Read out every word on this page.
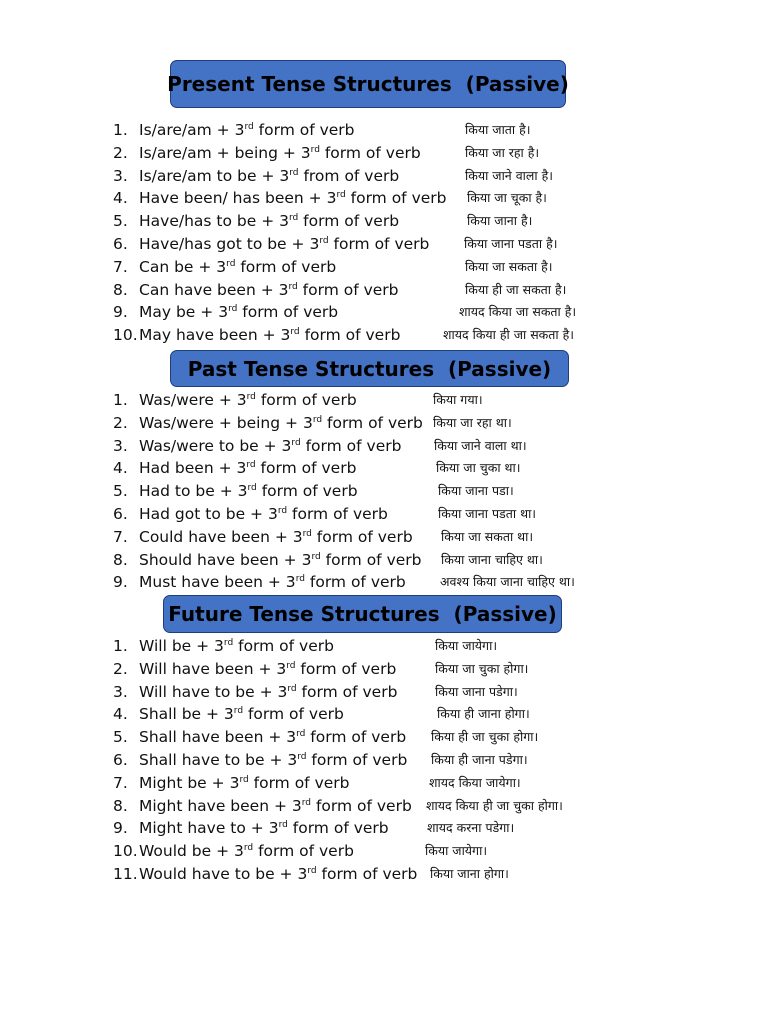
Present Tense Structures  (Passive)
1. Is/are/am + 3rd form of verb	किया जाता है।
2. Is/are/am + being + 3rd form of verb	किया जा रहा है।
3. Is/are/am to be + 3rd from of verb	किया जाने वाला है।
4. Have been/ has been + 3rd form of verb किया जा चूका है।
5. Have/has to be + 3rd form of verb	किया जाना है।
6. Have/has got to be + 3rd form of verb	किया जाना पडता है।
7. Can be + 3rd form of verb	किया जा सकता है।
8. Can have been + 3rd form of verb	किया ही जा सकता है।
9. May be + 3rd form of verb	शायद किया जा सकता है।
10. May have been + 3rd form of verb	शायद किया ही जा सकता है।
Past Tense Structures  (Passive)
1. Was/were + 3rd form of verb	किया गया।
2. Was/were + being + 3rd form of verb किया जा रहा था।
3. Was/were to be + 3rd form of verb	किया जाने वाला था।
4. Had been + 3rd form of verb	किया जा चुका था।
5. Had to be + 3rd form of verb	किया जाना पडा।
6. Had got to be + 3rd form of verb	किया जाना पडता था।
7. Could have been + 3rd form of verb किया जा सकता था।
8. Should have been + 3rd form of verb किया जाना चाहिए था।
9. Must have been + 3rd form of verb	अवश्य किया जाना चाहिए था।
Future Tense Structures  (Passive)
1. Will be + 3rd form of verb	किया जायेगा।
2. Will have been + 3rd form of verb	किया जा चुका होगा।
3. Will have to be + 3rd form of verb	किया जाना पडेगा।
4. Shall be + 3rd form of verb	किया ही जाना होगा।
5. Shall have been + 3rd form of verb किया ही जा चुका होगा।
6. Shall have to be + 3rd form of verb किया ही जाना पडेगा।
7. Might be + 3rd form of verb	शायद किया जायेगा।
8. Might have been + 3rd form of verb शायद किया ही जा चुका होगा।
9. Might have to + 3rd form of verb	शायद करना पडेगा।
10. Would be + 3rd form of verb	किया जायेगा।
11. Would have to be + 3rd form of verb किया जाना होगा।
